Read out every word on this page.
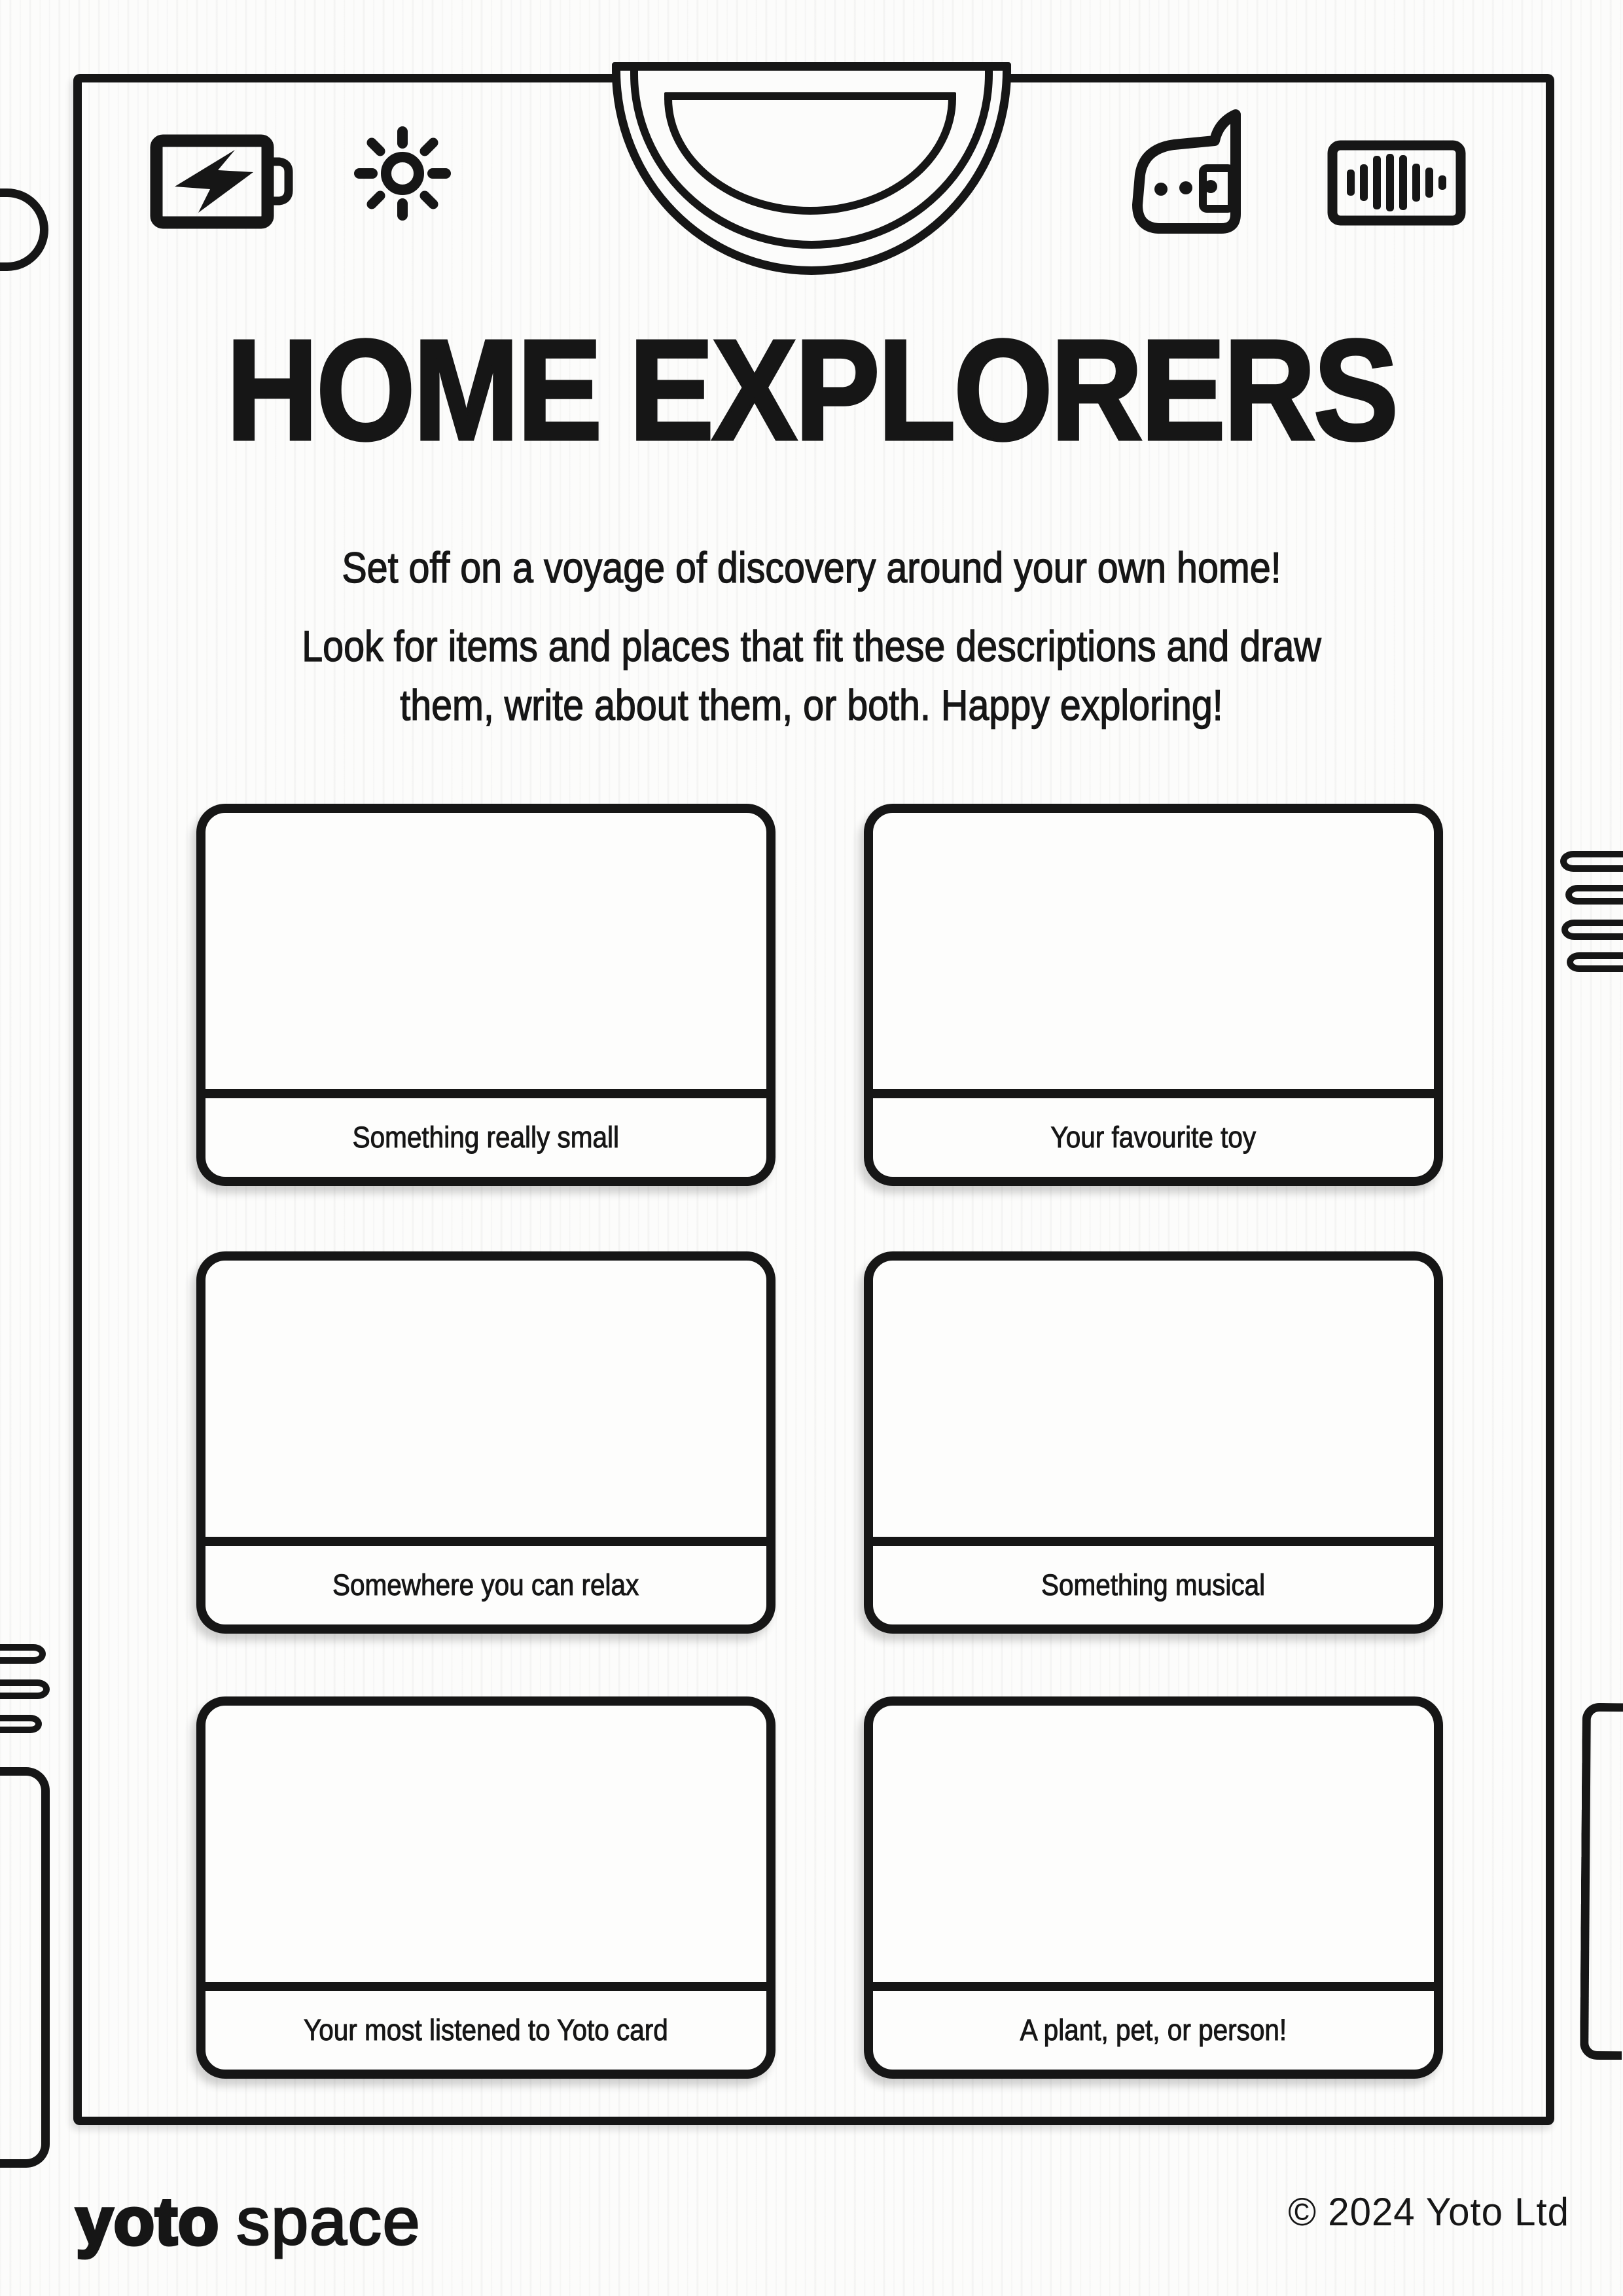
HOME EXPLORERS

Set off on a voyage of discovery around your own home!

Look for items and places that fit these descriptions and draw

them, write about them, or both. Happy exploring!

Something really small	Your favourite toy
Somewhere you can relax	Something musical
Your most listened to Yoto card	A plant, pet, or person!
yoto space	© 2024 Yoto Ltd
